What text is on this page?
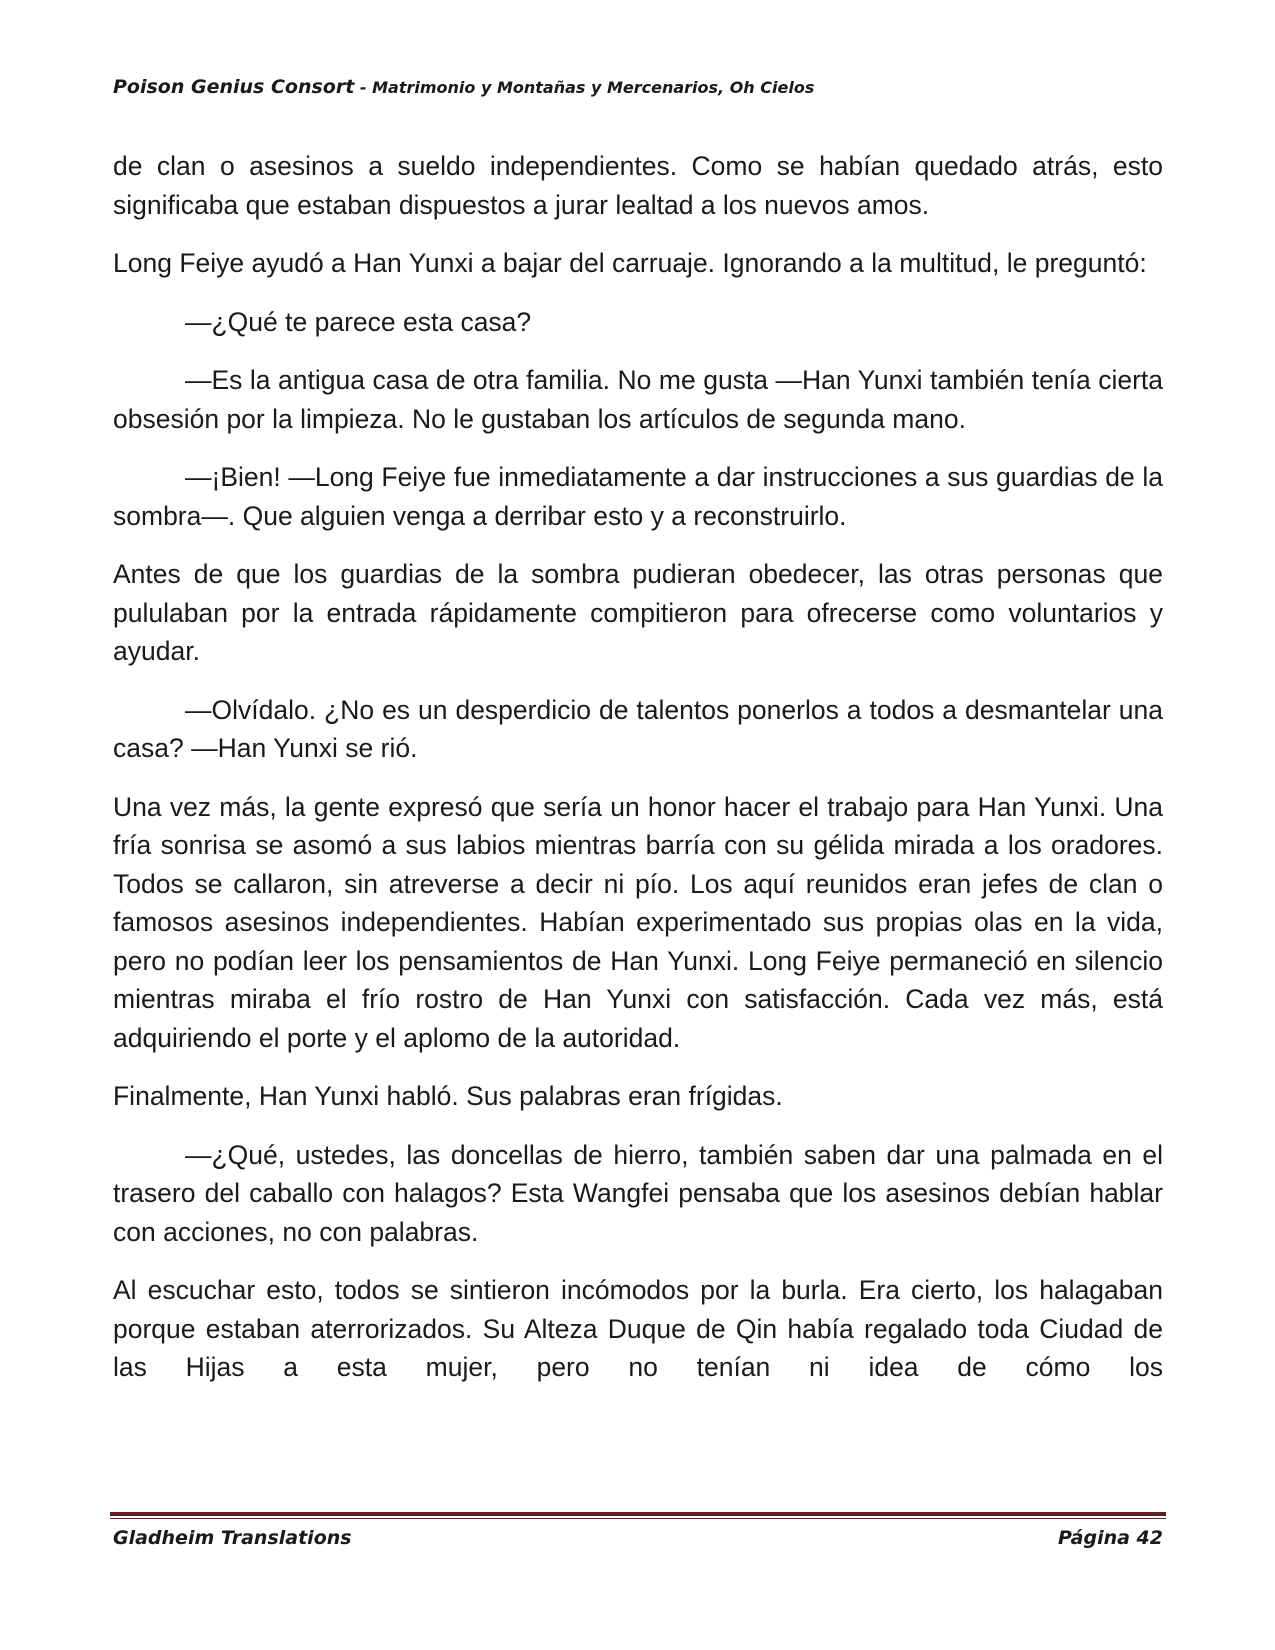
Poison Genius Consort - Matrimonio y Montañas y Mercenarios, Oh Cielos

de clan o asesinos a sueldo independientes. Como se habían quedado atrás, esto significaba que estaban dispuestos a jurar lealtad a los nuevos amos.

Long Feiye ayudó a Han Yunxi a bajar del carruaje. Ignorando a la multitud, le preguntó:

—¿Qué te parece esta casa?

—Es la antigua casa de otra familia. No me gusta —Han Yunxi también tenía cierta obsesión por la limpieza. No le gustaban los artículos de segunda mano.

—¡Bien! —Long Feiye fue inmediatamente a dar instrucciones a sus guardias de la sombra—. Que alguien venga a derribar esto y a reconstruirlo.

Antes de que los guardias de la sombra pudieran obedecer, las otras personas que pululaban por la entrada rápidamente compitieron para ofrecerse como voluntarios y ayudar.

—Olvídalo. ¿No es un desperdicio de talentos ponerlos a todos a desmantelar una casa? —Han Yunxi se rió.

Una vez más, la gente expresó que sería un honor hacer el trabajo para Han Yunxi. Una fría sonrisa se asomó a sus labios mientras barría con su gélida mirada a los oradores. Todos se callaron, sin atreverse a decir ni pío. Los aquí reunidos eran jefes de clan o famosos asesinos independientes. Habían experimentado sus propias olas en la vida, pero no podían leer los pensamientos de Han Yunxi. Long Feiye permaneció en silencio mientras miraba el frío rostro de Han Yunxi con satisfacción. Cada vez más, está adquiriendo el porte y el aplomo de la autoridad.

Finalmente, Han Yunxi habló. Sus palabras eran frígidas.

—¿Qué, ustedes, las doncellas de hierro, también saben dar una palmada en el trasero del caballo con halagos? Esta Wangfei pensaba que los asesinos debían hablar con acciones, no con palabras.

Al escuchar esto, todos se sintieron incómodos por la burla. Era cierto, los halagaban porque estaban aterrorizados. Su Alteza Duque de Qin había regalado toda Ciudad de las Hijas a esta mujer, pero no tenían ni idea de cómo los

Gladheim Translations	Página 42
